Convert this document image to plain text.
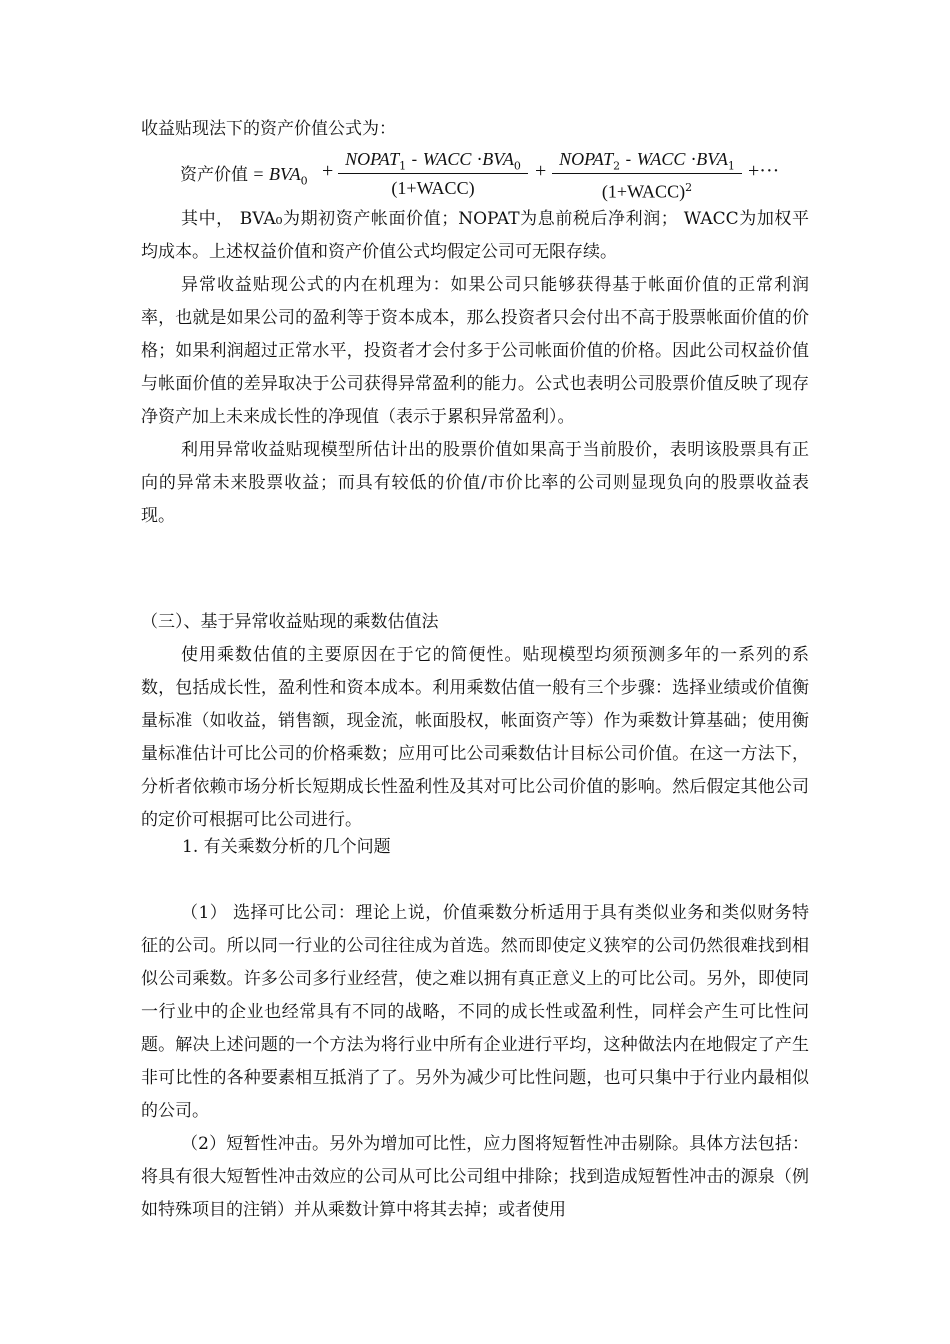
收益贴现法下的资产价值公式为：

资产价值 = $BVA_0$ +
$NOPAT_1$ - WACC $\cdot BVA_0$
(1+WACC)
+
$NOPAT_2$ - WACC $\cdot BVA_1$
(1+WACC)$^2$
+···

其中， BVA₀为期初资产帐面价值；NOPAT为息前税后净利润； WACC为加权平均成本。上述权益价值和资产价值公式均假定公司可无限存续。

异常收益贴现公式的内在机理为：如果公司只能够获得基于帐面价值的正常利润率，也就是如果公司的盈利等于资本成本，那么投资者只会付出不高于股票帐面价值的价格；如果利润超过正常水平，投资者才会付多于公司帐面价值的价格。因此公司权益价值与帐面价值的差异取决于公司获得异常盈利的能力。公式也表明公司股票价值反映了现存净资产加上未来成长性的净现值（表示于累积异常盈利）。

利用异常收益贴现模型所估计出的股票价值如果高于当前股价，表明该股票具有正向的异常未来股票收益；而具有较低的价值/市价比率的公司则显现负向的股票收益表现。

（三）、基于异常收益贴现的乘数估值法

使用乘数估值的主要原因在于它的简便性。贴现模型均须预测多年的一系列的系数，包括成长性，盈利性和资本成本。利用乘数估值一般有三个步骤：选择业绩或价值衡量标准（如收益，销售额，现金流，帐面股权，帐面资产等）作为乘数计算基础；使用衡量标准估计可比公司的价格乘数；应用可比公司乘数估计目标公司价值。在这一方法下，分析者依赖市场分析长短期成长性盈利性及其对可比公司价值的影响。然后假定其他公司的定价可根据可比公司进行。

1. 有关乘数分析的几个问题

（1） 选择可比公司：理论上说，价值乘数分析适用于具有类似业务和类似财务特征的公司。所以同一行业的公司往往成为首选。然而即使定义狭窄的公司仍然很难找到相似公司乘数。许多公司多行业经营，使之难以拥有真正意义上的可比公司。另外，即使同一行业中的企业也经常具有不同的战略，不同的成长性或盈利性，同样会产生可比性问题。解决上述问题的一个方法为将行业中所有企业进行平均，这种做法内在地假定了产生非可比性的各种要素相互抵消了了。另外为减少可比性问题，也可只集中于行业内最相似的公司。

（2）短暂性冲击。另外为增加可比性，应力图将短暂性冲击剔除。具体方法包括：将具有很大短暂性冲击效应的公司从可比公司组中排除；找到造成短暂性冲击的源泉（例如特殊项目的注销）并从乘数计算中将其去掉；或者使用
